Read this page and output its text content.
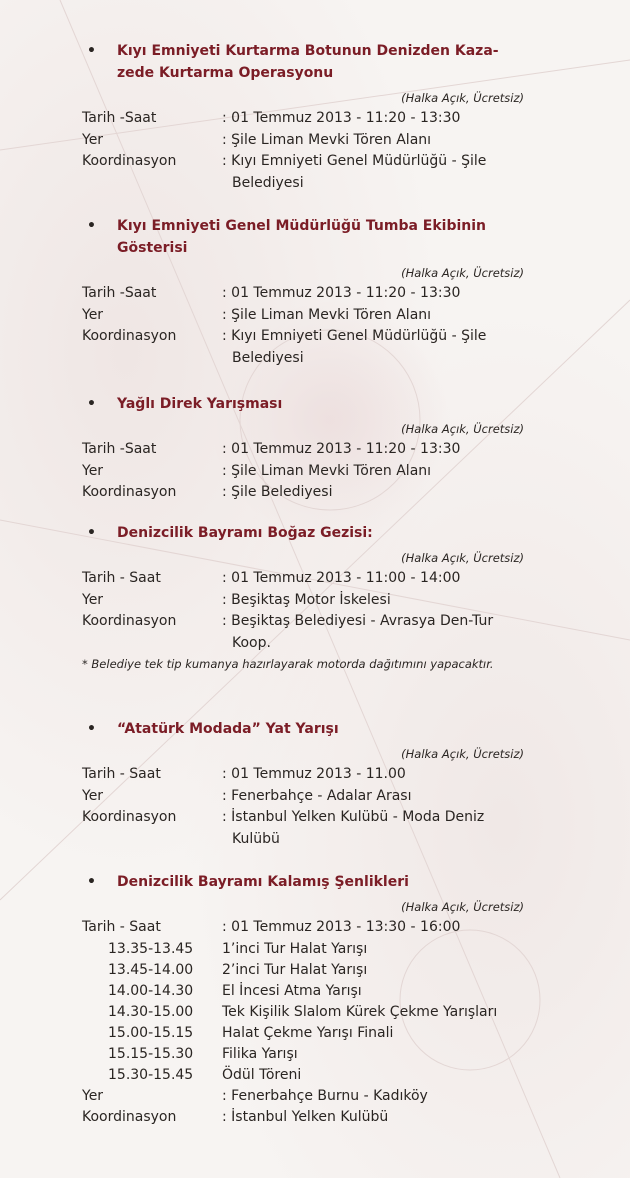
• Kıyı Emniyeti Kurtarma Botunun Denizden Kaza-zede Kurtarma Operasyonu
(Halka Açık, Ücretsiz)
Tarih -Saat	: 01 Temmuz 2013 - 11:20 - 13:30
Yer	: Şile Liman Mevki Tören Alanı
Koordinasyon	: Kıyı Emniyeti Genel Müdürlüğü - Şile Belediyesi
• Kıyı Emniyeti Genel Müdürlüğü Tumba Ekibinin Gösterisi
(Halka Açık, Ücretsiz)
Tarih -Saat	: 01 Temmuz 2013 - 11:20 - 13:30
Yer	: Şile Liman Mevki Tören Alanı
Koordinasyon	: Kıyı Emniyeti Genel Müdürlüğü - Şile Belediyesi
• Yağlı Direk Yarışması
(Halka Açık, Ücretsiz)
Tarih -Saat	: 01 Temmuz 2013 - 11:20 - 13:30
Yer	: Şile Liman Mevki Tören Alanı
Koordinasyon	: Şile Belediyesi
• Denizcilik Bayramı Boğaz Gezisi:
(Halka Açık, Ücretsiz)
Tarih - Saat	: 01 Temmuz 2013 - 11:00 - 14:00
Yer	: Beşiktaş Motor İskelesi
Koordinasyon	: Beşiktaş Belediyesi - Avrasya Den-Tur Koop.
* Belediye tek tip kumanya hazırlayarak motorda dağıtımını yapacaktır.
• “Atatürk Modada” Yat Yarışı
(Halka Açık, Ücretsiz)
Tarih - Saat	: 01 Temmuz 2013 - 11.00
Yer	: Fenerbahçe - Adalar Arası
Koordinasyon	: İstanbul Yelken Kulübü - Moda Deniz Kulübü
• Denizcilik Bayramı Kalamış Şenlikleri
(Halka Açık, Ücretsiz)
Tarih - Saat	: 01 Temmuz 2013 - 13:30 - 16:00
13.35-13.45	1’inci Tur Halat Yarışı
13.45-14.00	2’inci Tur Halat Yarışı
14.00-14.30	El İncesi Atma Yarışı
14.30-15.00	Tek Kişilik Slalom Kürek Çekme Yarışları
15.00-15.15	Halat Çekme Yarışı Finali
15.15-15.30	Filika Yarışı
15.30-15.45	Ödül Töreni
Yer	: Fenerbahçe Burnu - Kadıköy
Koordinasyon	: İstanbul Yelken Kulübü
